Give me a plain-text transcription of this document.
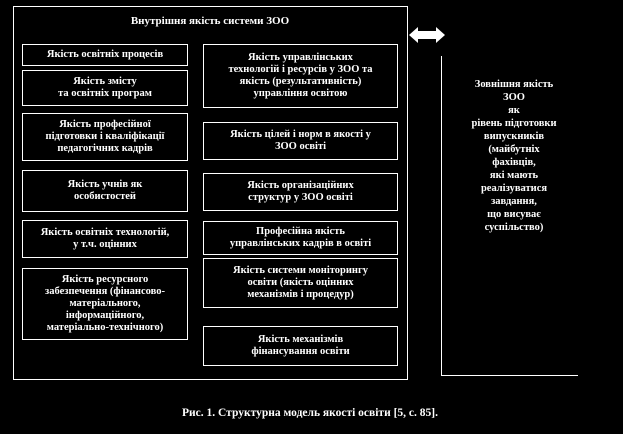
Внутрішня якість системи ЗОО
Якість освітніх процесів
Якість змісту
та освітніх програм
Якість професійної
підготовки і кваліфікації
педагогічних кадрів
Якість учнів як
особистостей
Якість освітніх технологій,
у т.ч. оцінних
Якість ресурсного
забезпечення (фінансово-
матеріального,
інформаційного,
матеріально-технічного)
Якість управлінських
технологій і ресурсів у ЗОО та
якість (результативність)
управління освітою
Якість цілей і норм в якості у
ЗОО освіті
Якість організаційних
структур у ЗОО освіті
Професійна якість
управлінських кадрів в освіті
Якість системи моніторингу
освіти (якість оцінних
механізмів і процедур)
Якість механізмів
фінансування освіти
Зовнішня якість
ЗОО
як
рівень підготовки
випускників
(майбутніх
фахівців,
які мають
реалізуватися
завдання,
що висуває
суспільство)
Рис. 1. Структурна модель якості освіти [5, с. 85].
